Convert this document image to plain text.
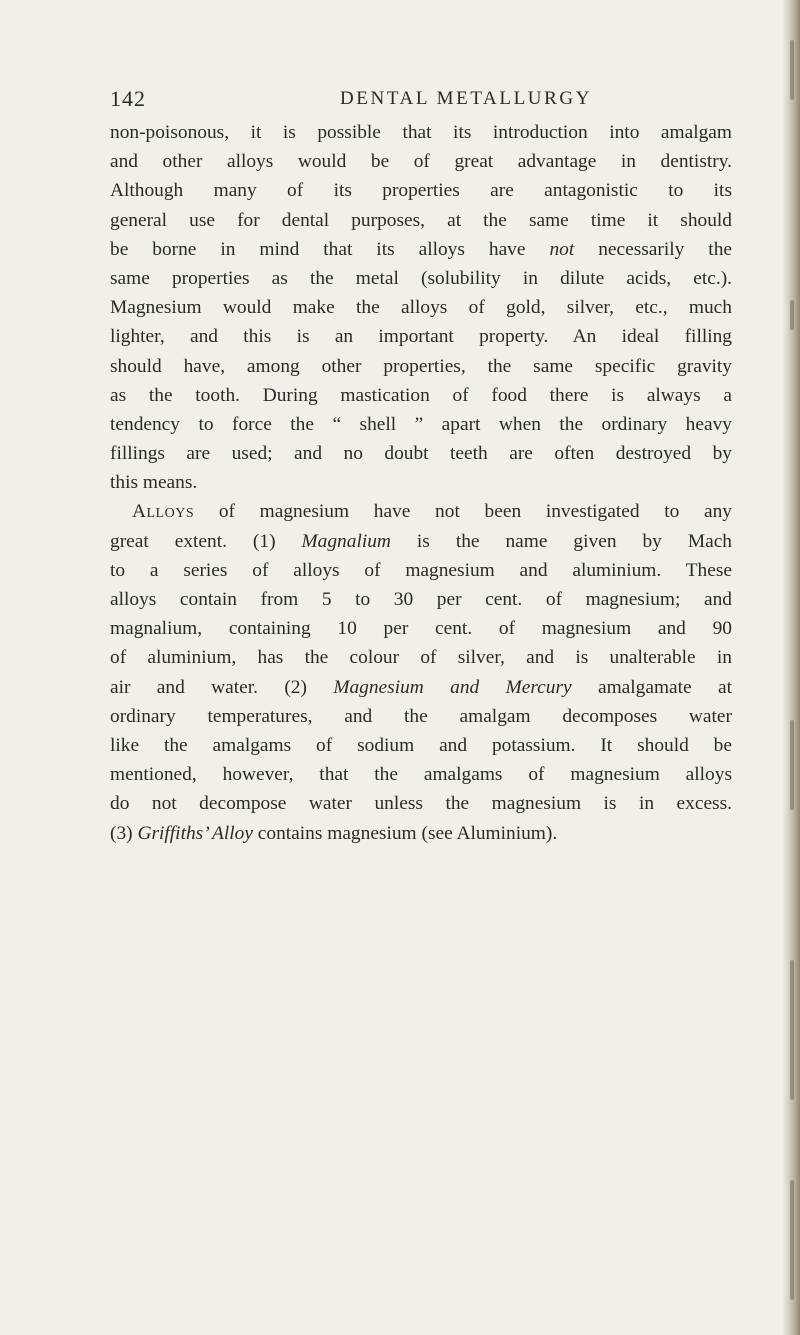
142	DENTAL METALLURGY
non-poisonous, it is possible that its introduction into amalgam
and other alloys would be of great advantage in dentistry.
Although many of its properties are antagonistic to its
general use for dental purposes, at the same time it should
be borne in mind that its alloys have not necessarily the
same properties as the metal (solubility in dilute acids, etc.).
Magnesium would make the alloys of gold, silver, etc., much
lighter, and this is an important property. An ideal filling
should have, among other properties, the same specific gravity
as the tooth. During mastication of food there is always a
tendency to force the “ shell ” apart when the ordinary heavy
fillings are used; and no doubt teeth are often destroyed by
this means.
Alloys of magnesium have not been investigated to any
great extent. (1) Magnalium is the name given by Mach
to a series of alloys of magnesium and aluminium. These
alloys contain from 5 to 30 per cent. of magnesium; and
magnalium, containing 10 per cent. of magnesium and 90
of aluminium, has the colour of silver, and is unalterable in
air and water. (2) Magnesium and Mercury amalgamate at
ordinary temperatures, and the amalgam decomposes water
like the amalgams of sodium and potassium. It should be
mentioned, however, that the amalgams of magnesium alloys
do not decompose water unless the magnesium is in excess.
(3) Griffiths’ Alloy contains magnesium (see Aluminium).
